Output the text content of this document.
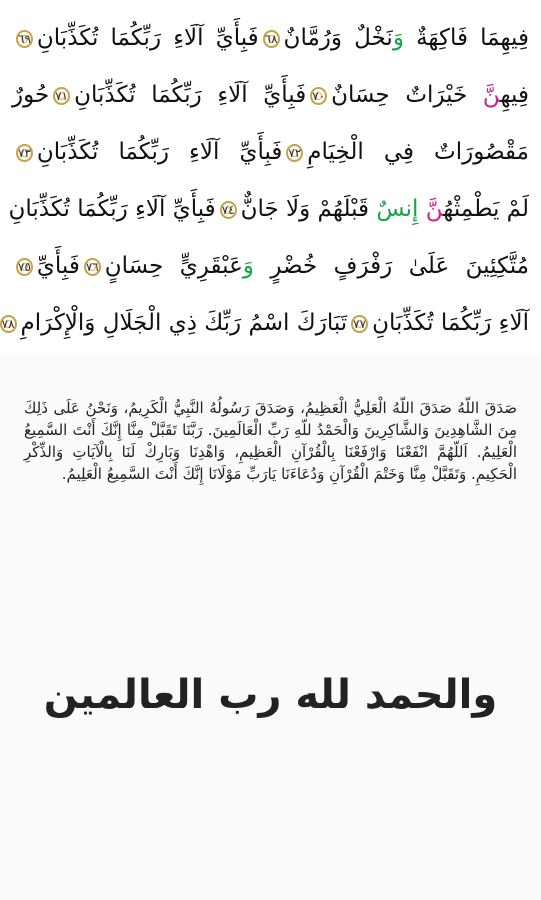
فِيهِمَا فَاكِهَةٌ وَنَخْلٌ وَرُمَّانٌ٦٨فَبِأَيِّ آلَاءِ رَبِّكُمَا تُكَذِّبَانِ٦٩
فِيهِنَّ خَيْرَاتٌ حِسَانٌ٧٠فَبِأَيِّ آلَاءِ رَبِّكُمَا تُكَذِّبَانِ٧١حُورٌ
مَقْصُورَاتٌ فِي الْخِيَامِ٧٢فَبِأَيِّ آلَاءِ رَبِّكُمَا تُكَذِّبَانِ٧٣
لَمْ يَطْمِثْهُنَّ إِنسٌ قَبْلَهُمْ وَلَا جَانٌّ٧٤فَبِأَيِّ آلَاءِ رَبِّكُمَا تُكَذِّبَانِ
مُتَّكِئِينَ عَلَىٰ رَفْرَفٍ خُضْرٍ وَعَبْقَرِيٍّ حِسَانٍ٧٦فَبِأَيِّ٧٥
آلَاءِ رَبِّكُمَا تُكَذِّبَانِ٧٧تَبَارَكَ اسْمُ رَبِّكَ ذِي الْجَلَالِ وَالْإِكْرَامِ٧٨
صَدَقَ اللّهُ صَدَقَ اللّهُ الْعَلِيُّ الْعَظِيمُ، وَصَدَقَ رَسُولُهُ النَّبِيُّ الْكَرِيمُ، وَنَحْنُ عَلَى ذَلِكَ مِنَ الشَّاهِدِينَ وَالشَّاكِرِينَ وَالْحَمْدُ للّهِ رَبِّ الْعَالَمِينَ. رَبَّنَا تَقَبَّلْ مِنَّا إِنَّكَ أَنْتَ السَّمِيعُ الْعَلِيمُ. اَللّهُمَّ انْفَعْنَا وَارْفَعْنَا بِالْقُرْآنِ الْعَظِيمِ، وَاهْدِنَا وَبَارِكْ لَنَا بِالْآيَاتِ وَالذِّكْرِ الْحَكِيمِ. وَتَقَبَّلْ مِنَّا وَخَتْمَ الْقُرْآنِ وَدُعَاءَنَا يَارَبِّ مَوْلَانَا إِنَّكَ أَنْتَ السَّمِيعُ الْعَلِيمُ.
والحمد لله رب العالمين
